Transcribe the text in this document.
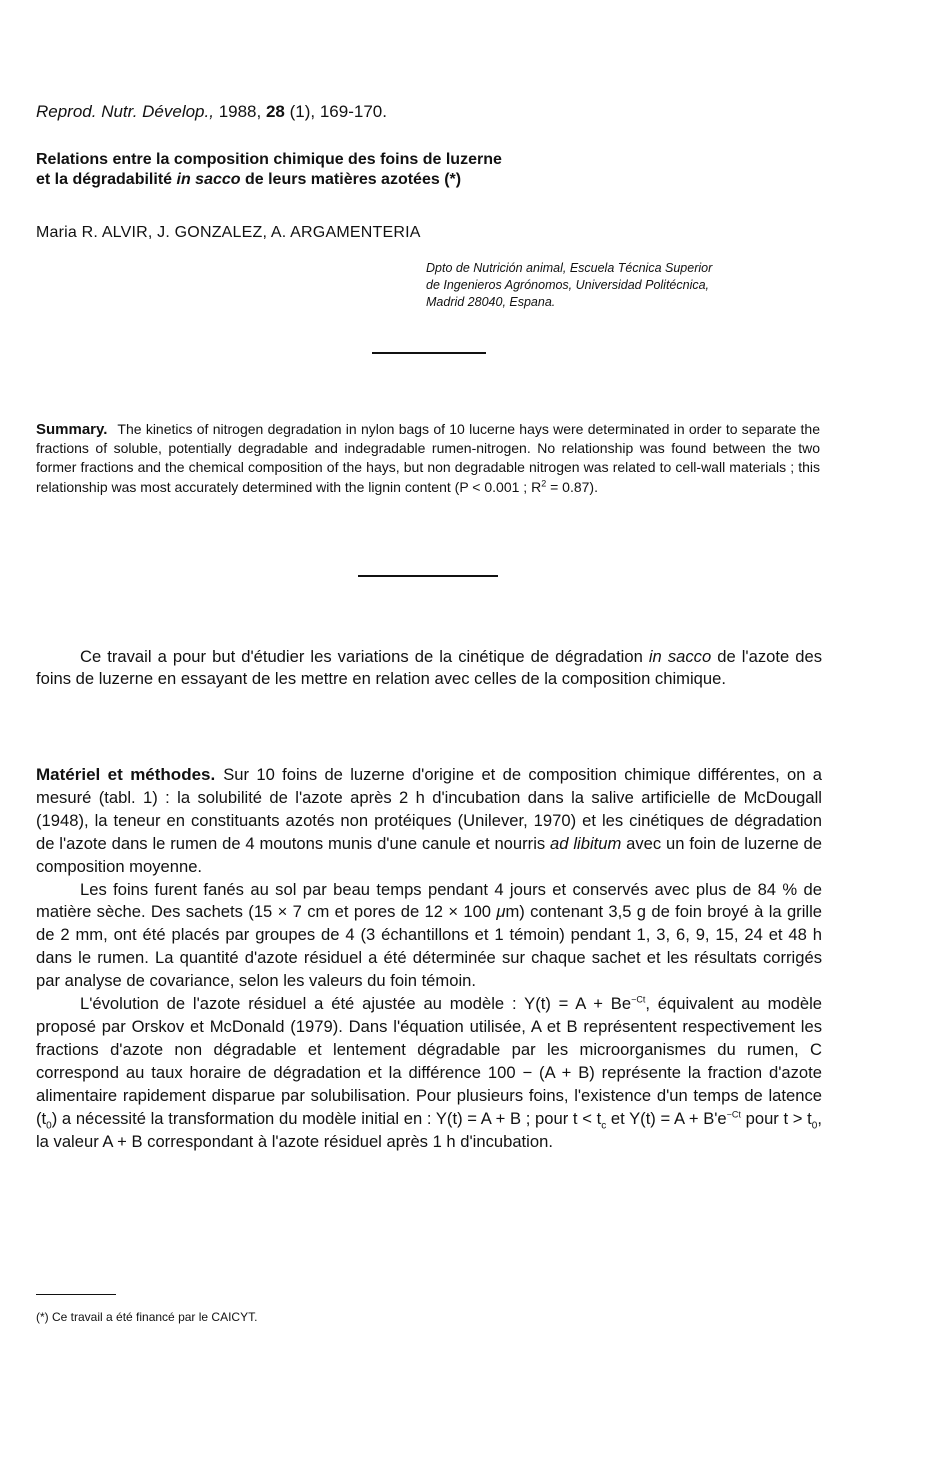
Reprod. Nutr. Dévelop., 1988, 28 (1), 169-170.
Relations entre la composition chimique des foins de luzerne
et la dégradabilité in sacco de leurs matières azotées (*)
Maria R. ALVIR, J. GONZALEZ, A. ARGAMENTERIA
Dpto de Nutrición animal, Escuela Técnica Superior
de Ingenieros Agrónomos, Universidad Politécnica,
Madrid 28040, Espana.
Summary. The kinetics of nitrogen degradation in nylon bags of 10 lucerne hays were determinated in order to separate the fractions of soluble, potentially degradable and indegradable rumen-nitrogen. No relationship was found between the two former fractions and the chemical composition of the hays, but non degradable nitrogen was related to cell-wall materials ; this relationship was most accurately determined with the lignin content (P < 0.001 ; $R^2 = 0.87$).
Ce travail a pour but d'étudier les variations de la cinétique de dégradation in sacco de l'azote des foins de luzerne en essayant de les mettre en relation avec celles de la composition chimique.

Matériel et méthodes. Sur 10 foins de luzerne d'origine et de composition chimique différentes, on a mesuré (tabl. 1) : la solubilité de l'azote après 2 h d'incubation dans la salive artificielle de McDougall (1948), la teneur en constituants azotés non protéiques (Unilever, 1970) et les cinétiques de dégradation de l'azote dans le rumen de 4 moutons munis d'une canule et nourris ad libitum avec un foin de luzerne de composition moyenne.

Les foins furent fanés au sol par beau temps pendant 4 jours et conservés avec plus de 84 % de matière sèche. Des sachets (15 × 7 cm et pores de 12 × 100 μm) contenant 3,5 g de foin broyé à la grille de 2 mm, ont été placés par groupes de 4 (3 échantillons et 1 témoin) pendant 1, 3, 6, 9, 15, 24 et 48 h dans le rumen. La quantité d'azote résiduel a été déterminée sur chaque sachet et les résultats corrigés par analyse de covariance, selon les valeurs du foin témoin.

L'évolution de l'azote résiduel a été ajustée au modèle : $Y(t) = A + Be^{-Ct}$, équivalent au modèle proposé par Orskov et McDonald (1979). Dans l'équation utilisée, A et B représentent respectivement les fractions d'azote non dégradable et lentement dégradable par les microorganismes du rumen, C correspond au taux horaire de dégradation et la différence 100 − (A + B) représente la fraction d'azote alimentaire rapidement disparue par solubilisation. Pour plusieurs foins, l'existence d'un temps de latence $(t_0)$ a nécessité la transformation du modèle initial en : Y(t) = A + B ; pour $t < t_c$ et $Y(t) = A + B'e^{-Ct}$ pour $t > t_0$, la valeur A + B correspondant à l'azote résiduel après 1 h d'incubation.

(*) Ce travail a été financé par le CAICYT.
